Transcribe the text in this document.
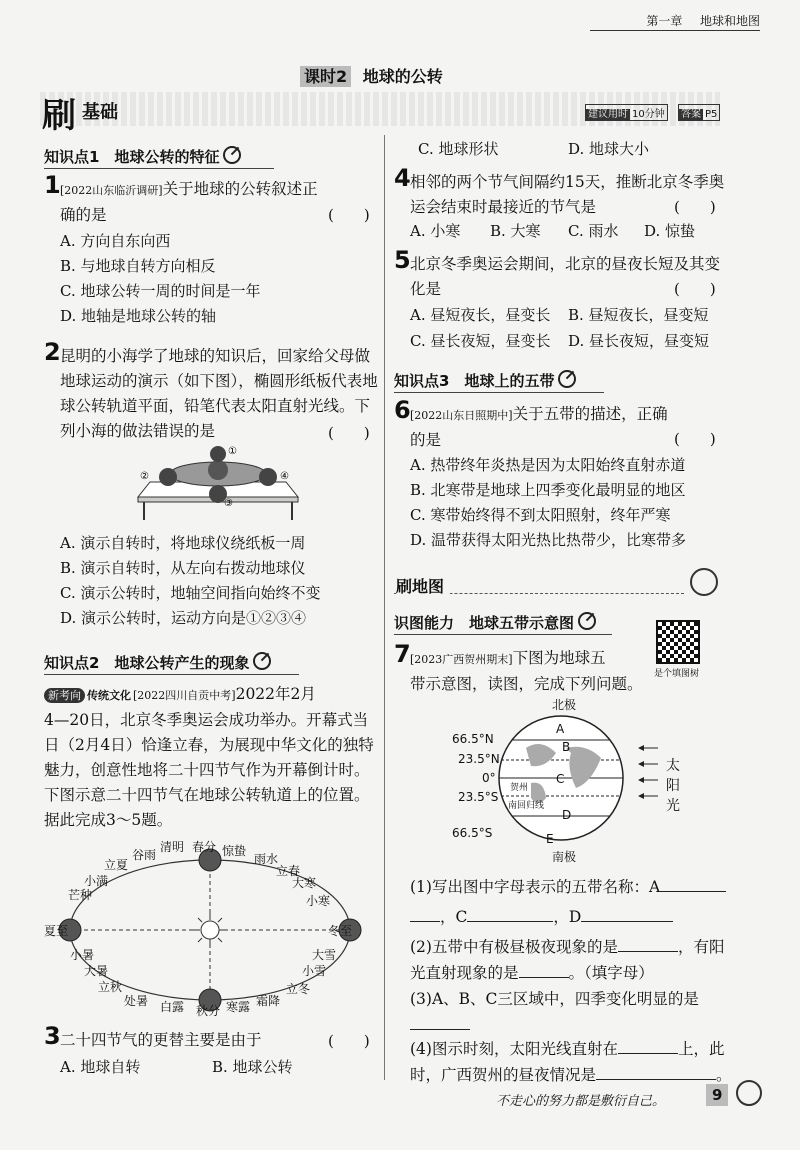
第一章 地球和地图
课时2 地球的公转
刷 基础	建议用时 10分钟	答案 P5
知识点1　地球公转的特征
1 [2022山东临沂调研]关于地球的公转叙述正
确的是	(　　)
A. 方向自东向西
B. 与地球自转方向相反
C. 地球公转一周的时间是一年
D. 地轴是地球公转的轴
2 昆明的小海学了地球的知识后，回家给父母做
地球运动的演示（如下图），椭圆形纸板代表地
球公转轨道平面，铅笔代表太阳直射光线。下
列小海的做法错误的是	(　　)
①
②
③
④
A. 演示自转时，将地球仪绕纸板一周
B. 演示自转时，从左向右拨动地球仪
C. 演示公转时，地轴空间指向始终不变
D. 演示公转时，运动方向是①②③④
知识点2　地球公转产生的现象
新考向 传统文化 [2022四川自贡中考]2022年2月
4—20日，北京冬季奥运会成功举办。开幕式当
日（2月4日）恰逢立春，为展现中华文化的独特
魅力，创意性地将二十四节气作为开幕倒计时。
下图示意二十四节气在地球公转轨道上的位置。
据此完成3～5题。
清明 春分 惊蛰
谷雨	雨水
立夏	立春
小满	大寒
芒种	小寒
夏至	冬至
小暑	大雪
大暑	小雪
立秋	立冬
处暑	霜降
白露 秋分 寒露
3 二十四节气的更替主要是由于	(　　)
A. 地球自转	B. 地球公转
C. 地球形状	D. 地球大小
4 相邻的两个节气间隔约15天，推断北京冬季奥
运会结束时最接近的节气是	(　　)
A. 小寒 B. 大寒 C. 雨水 D. 惊蛰
5 北京冬季奥运会期间，北京的昼夜长短及其变
化是	(　　)
A. 昼短夜长，昼变长 B. 昼短夜长，昼变短
C. 昼长夜短，昼变长 D. 昼长夜短，昼变短
知识点3　地球上的五带
6 [2022山东日照期中]关于五带的描述，正确
的是	(　　)
A. 热带终年炎热是因为太阳始终直射赤道
B. 北寒带是地球上四季变化最明显的地区
C. 寒带始终得不到太阳照射，终年严寒
D. 温带获得太阳光热比热带少，比寒带多
刷地图
识图能力　地球五带示意图
是个填图树
7 [2023广西贺州期末]下图为地球五
带示意图，读图，完成下列问题。
北极
南极
66.5°N
23.5°N
0°
23.5°S
66.5°S
A
B
C
D
E
贺州
南回归线
太
阳
光
(1)写出图中字母表示的五带名称：A
，C	，D
(2)五带中有极昼极夜现象的是	，有阳
光直射现象的是	。（填字母）
(3)A、B、C三区域中，四季变化明显的是

(4)图示时刻，太阳光线直射在	上，此
时，广西贺州的昼夜情况是	。
不走心的努力都是敷衍自己。	9
